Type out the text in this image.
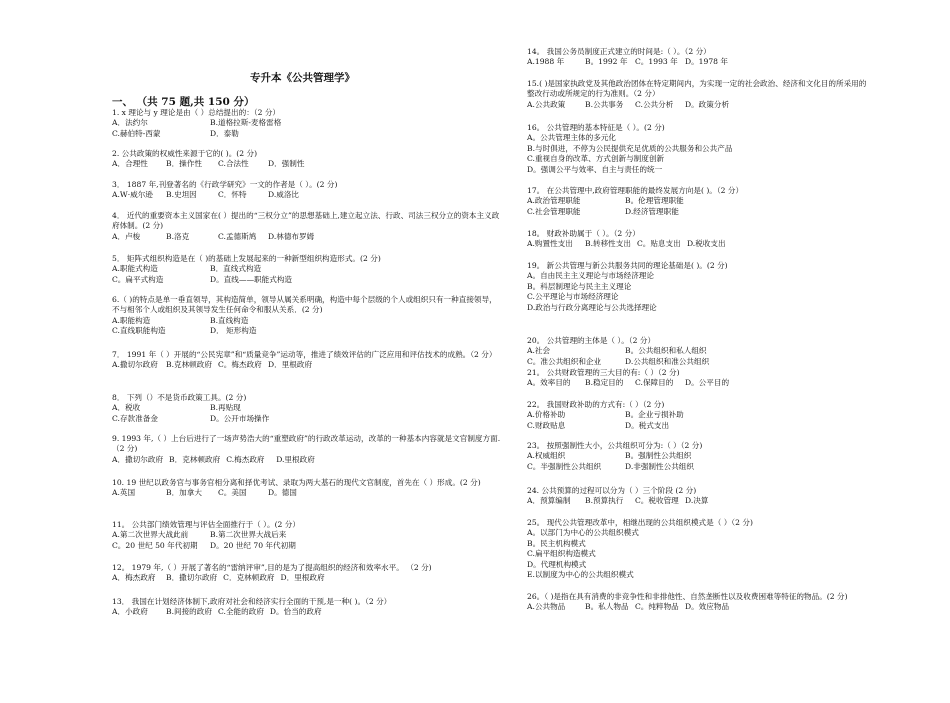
专升本《公共管理学》
一、 （共 75 题,共 150 分）
1. x 理论与 y 理论是由（ ）总结提出的：（2 分）
A．法约尔	B.道格拉斯-麦格雷格
C.赫伯特-西蒙	D．泰勒
2. 公共政策的权威性来源于它的( )。(2 分)
A．合理性 B．操作性 C.合法性	D．强制性
3． 1887 年,刊登著名的《行政学研究》一文的作者是（ ）。(2 分)
A.W·威尔逊 B.史坦因	C．怀特	D.威洛比
4． 近代的重要资本主义国家在( ）提出的“三权分立”的思想基础上,建立起立法、行政、司法三权分立的资本主义政府体制。(2 分)
A．卢梭	B.洛克	C.孟德斯鸠 D.林德布罗姆
5． 矩阵式组织构造是在（ )的基础上发展起来的一种新型组织构造形式。(2 分)
A.职能式构造	B．直线式构造
C。扁平式构造	D。直线——职能式构造
6.（ )的特点是单一垂直领导，其构造简单，领导从属关系明确，构造中每个层级的个人或组织只有一种直接领导，不与相邻个人或组织及其领导发生任何命令和服从关系．(2 分)
A.职能构造	B.直线构造
C.直线职能构造	D． 矩形构造
7． 1991 年（ ）开展的“公民宪章”和“质量竞争”运动等，推进了绩效评估的广泛应用和评估技术的成熟。（2 分）
A.撒切尔政府 B.克林顿政府 C。梅杰政府 D．里根政府
8． 下列（）不是货币政策工具。(2 分)
A．税收	B.再贴现
C.存款准备金	D。公开市场操作
9. 1993 年,（ ）上台后进行了一场声势浩大的“重塑政府”的行政改革运动，改革的一种基本内容就是文官制度方面.（2 分)
A．撒切尔政府 B．克林顿政府 C.梅杰政府 D.里根政府
10. 19 世纪以政务官与事务官相分离和择优考试、录取为两大基石的现代文官制度，首先在（ ）形成。(2 分)
A.英国	B．加拿大 C。美国	D。德国
11。 公共部门绩效管理与评估全面推行于（ ）。(2 分）
A.第二次世界大战此前	B.第二次世界大战后来
C。20 世纪 50 年代初期 D。20 世纪 70 年代初期
12。 1979 年,（ ）开展了著名的“雷纳评审”,目的是为了提高组织的经济和效率水平。 （2 分)
A．梅杰政府 B．撒切尔政府 C．克林顿政府 D．里根政府
13． 我国在计划经济体制下,政府对社会和经济实行全面的干预,是一种( )。（2 分）
A．小政府 B.间接的政府 C.全能的政府 D。恰当的政府
14。 我国公务员制度正式建立的时间是:（ ）。（2 分）
A.1988 年	B。1992 年 C。1993 年 D。1978 年
15.( )是国家执政党及其他政治团体在特定期间内，为实现一定的社会政治、经济和文化目的所采用的整改行动或所规定的行为准则。（2 分）
A.公共政策	B.公共事务 C.公共分析 D。政策分析
16。 公共管理的基本特征是（ ）。(2 分)
A。公共管理主体的多元化
B.与时俱进，不停为公民提供充足优质的公共服务和公共产品
C.重视自身的改革、方式创新与制度创新
D。强调公平与效率、自主与责任的统一
17。 在公共管理中,政府管理职能的最终发展方向是( )。（2 分）
A.政治管理职能	B。伦理管理职能
C.社会管理职能	D.经济管理职能
18。 财政补助属于（ ）。（2 分）
A.购置性支出 B.转移性支出 C。贴息支出 D.税收支出
19。 新公共管理与新公共服务共同的理论基础是( )。(2 分)
A。自由民主主义理论与市场经济理论
B。科层制理论与民主主义理论
C.公平理论与市场经济理论
D.政治与行政分离理论与公共选择理论
20。 公共管理的主体是（ ）。（2 分）
A.社会	B。公共组织和私人组织
C。准公共组织和企业	D.公共组织和准公共组织
21。 公共财政管理的三大目的有:（ ）（2 分)
A。效率目的 B.稳定目的 C.保障目的 D。公平目的
22。 我国财政补助的方式有:（ ）（2 分)
A.价格补助	B。企业亏损补助
C.财政贴息	D。税式支出
23。 按照强制性大小，公共组织可分为:（ ）（2 分)
A.权威组织	B。强制性公共组织
C。半强制性公共组织	D.非强制性公共组织
24. 公共预算的过程可以分为（ ）三个阶段 (2 分)
A．预算编制 B.预算执行 C。税收管理 D.决算
25。 现代公共管理改革中，相继出现的公共组织模式是（ ）（2 分)
A。以部门为中心的公共组织模式
B。民主机构模式
C.扁平组织构造模式
D。代理机构模式
E.以制度为中心的公共组织模式
26。（ )是指在具有消费的非竞争性和非排他性、自然垄断性以及收费困难等特征的物品。(2 分)
A.公共物品	B。私人物品 C。纯粹物品 D。效应物品
